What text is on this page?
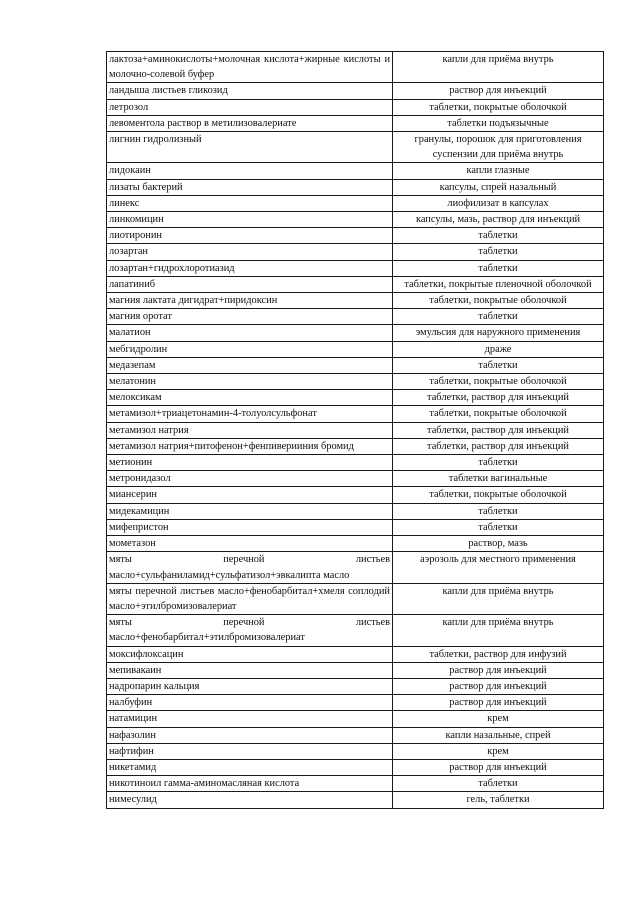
лактоза+аминокислоты+молочная кислота+жирные кислоты и молочно-солевой буфер	капли для приёма внутрь
ландыша листьев гликозид	раствор для инъекций
летрозол	таблетки, покрытые оболочкой
левоментола раствор в метилизовалериате	таблетки подъязычные
лигнин гидролизный	гранулы, порошок для приготовления суспензии для приёма внутрь
лидокаин	капли глазные
лизаты бактерий	капсулы, спрей назальный
линекс	лиофилизат в капсулах
линкомицин	капсулы, мазь, раствор для инъекций
лиотиронин	таблетки
лозартан	таблетки
лозартан+гидрохлоротиазид	таблетки
лапатиниб	таблетки, покрытые пленочной оболочкой
магния лактата дигидрат+пиридоксин	таблетки, покрытые оболочкой
магния оротат	таблетки
малатион	эмульсия для наружного применения
мебгидролин	драже
медазепам	таблетки
мелатонин	таблетки, покрытые оболочкой
мелоксикам	таблетки, раствор для инъекций
метамизол+триацетонамин-4-толуолсульфонат	таблетки, покрытые оболочкой
метамизол натрия	таблетки, раствор для инъекций
метамизол натрия+питофенон+фенпиверииния бромид	таблетки, раствор для инъекций
метионин	таблетки
метронидазол	таблетки вагинальные
миансерин	таблетки, покрытые оболочкой
мидекамицин	таблетки
мифепристон	таблетки
мометазон	раствор, мазь
мяты перечной листьев масло+сульфаниламид+сульфатизол+эвкалипта масло	аэрозоль для местного применения
мяты перечной листьев масло+фенобарбитал+хмеля соплодий масло+этилбромизовалериат	капли для приёма внутрь
мяты перечной листьев масло+фенобарбитал+этилбромизовалериат	капли для приёма внутрь
моксифлоксацин	таблетки, раствор для инфузий
мепивакаин	раствор для инъекций
надропарин кальция	раствор для инъекций
налбуфин	раствор для инъекций
натамицин	крем
нафазолин	капли назальные, спрей
нафтифин	крем
никетамид	раствор для инъекций
никотиноил гамма-аминомасляная кислота	таблетки
нимесулид	гель, таблетки
